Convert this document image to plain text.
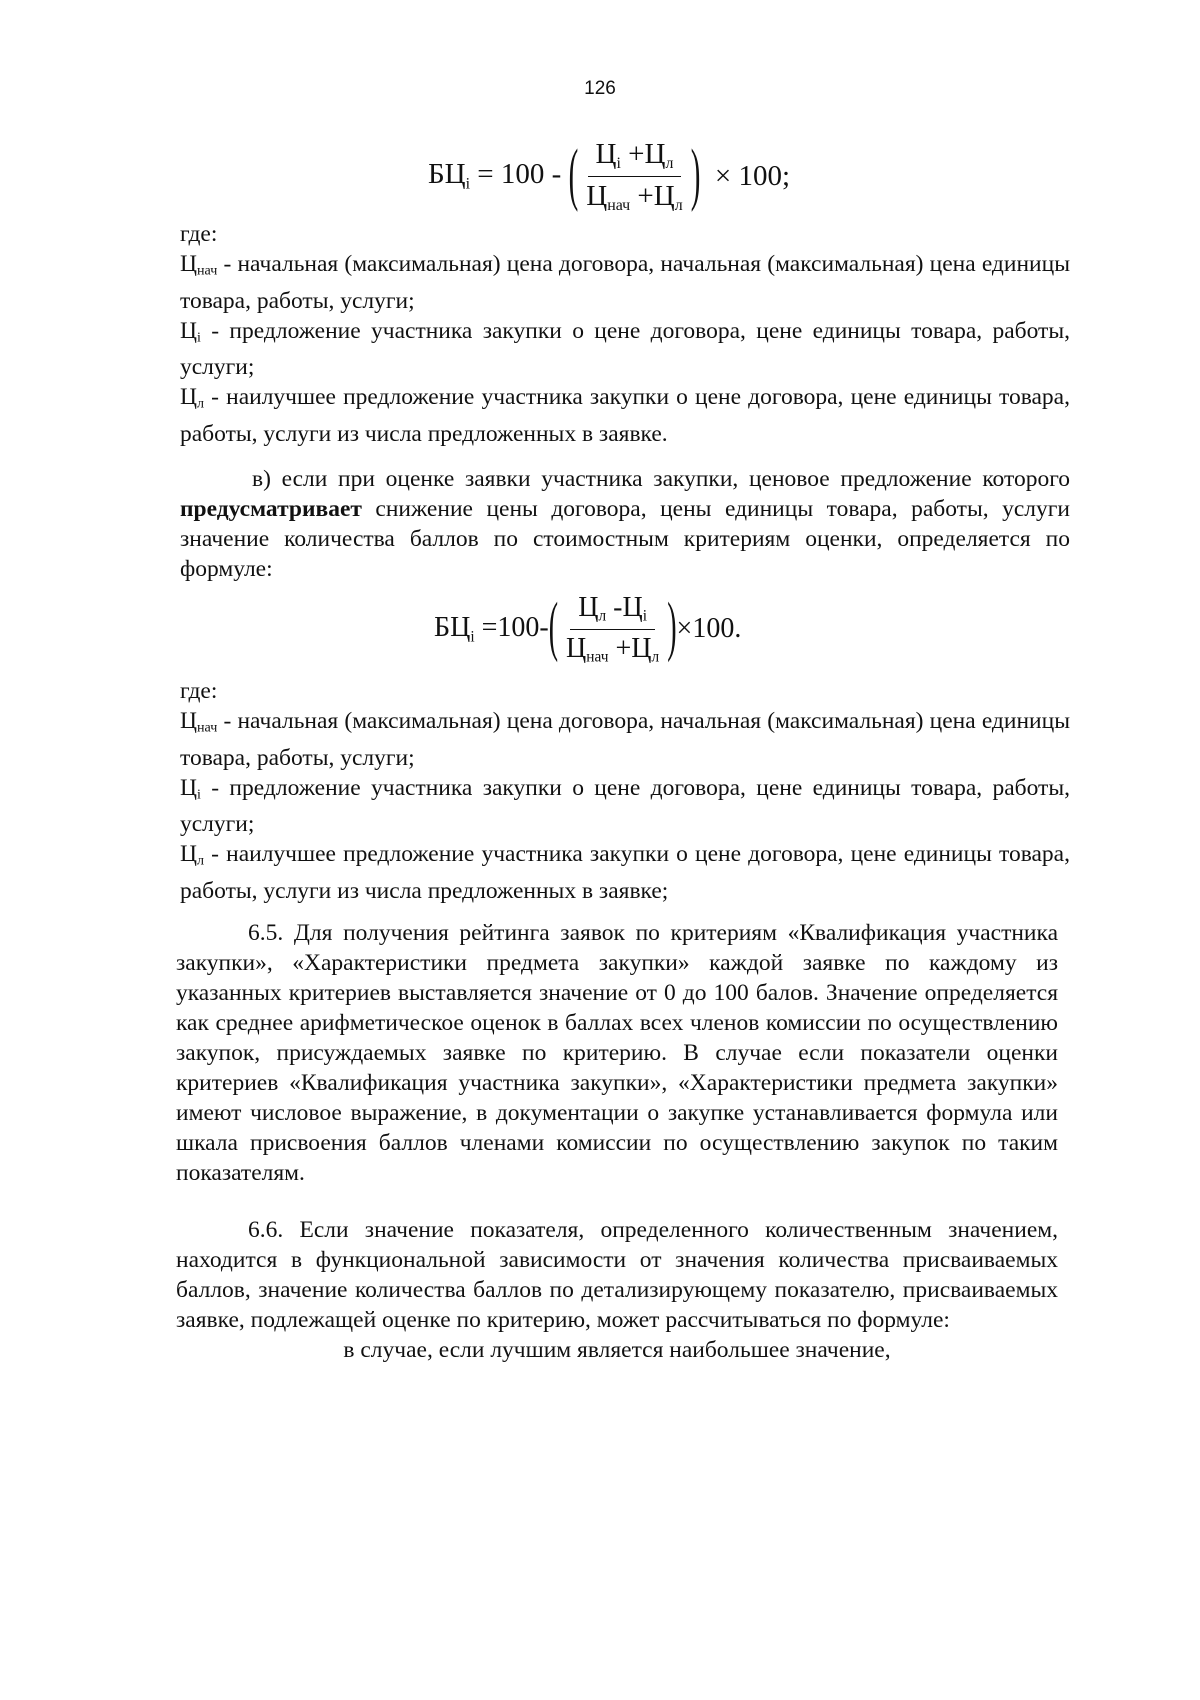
126
$БЦ_i = 100$ - ( $\frac{Ц_i +Ц_л}{Ц_{нач} +Ц_л}$ ) × 100;

где:

$Ц_{нач}$ - начальная (максимальная) цена договора, начальная (максимальная) цена единицы товара, работы, услуги;

$Ц_i$ - предложение участника закупки о цене договора, цене единицы товара, работы, услуги;

$Ц_л$ - наилучшее предложение участника закупки о цене договора, цене единицы товара, работы, услуги из числа предложенных в заявке.

в) если при оценке заявки участника закупки, ценовое предложение которого предусматривает снижение цены договора, цены единицы товара, работы, услуги значение количества баллов по стоимостным критериям оценки, определяется по формуле:

$БЦ_i =100-$ ( $\frac{Ц_л -Ц_i}{Ц_{нач} +Ц_л}$ ) ×100.

где:

$Ц_{нач}$ - начальная (максимальная) цена договора, начальная (максимальная) цена единицы товара, работы, услуги;

$Ц_i$ - предложение участника закупки о цене договора, цене единицы товара, работы, услуги;

$Ц_л$ - наилучшее предложение участника закупки о цене договора, цене единицы товара, работы, услуги из числа предложенных в заявке;

6.5. Для получения рейтинга заявок по критериям «Квалификация участника закупки», «Характеристики предмета закупки» каждой заявке по каждому из указанных критериев выставляется значение от 0 до 100 балов. Значение определяется как среднее арифметическое оценок в баллах всех членов комиссии по осуществлению закупок, присуждаемых заявке по критерию. В случае если показатели оценки критериев «Квалификация участника закупки», «Характеристики предмета закупки» имеют числовое выражение, в документации о закупке устанавливается формула или шкала присвоения баллов членами комиссии по осуществлению закупок по таким показателям.

6.6. Если значение показателя, определенного количественным значением, находится в функциональной зависимости от значения количества присваиваемых баллов, значение количества баллов по детализирующему показателю, присваиваемых заявке, подлежащей оценке по критерию, может рассчитываться по формуле:

в случае, если лучшим является наибольшее значение,
